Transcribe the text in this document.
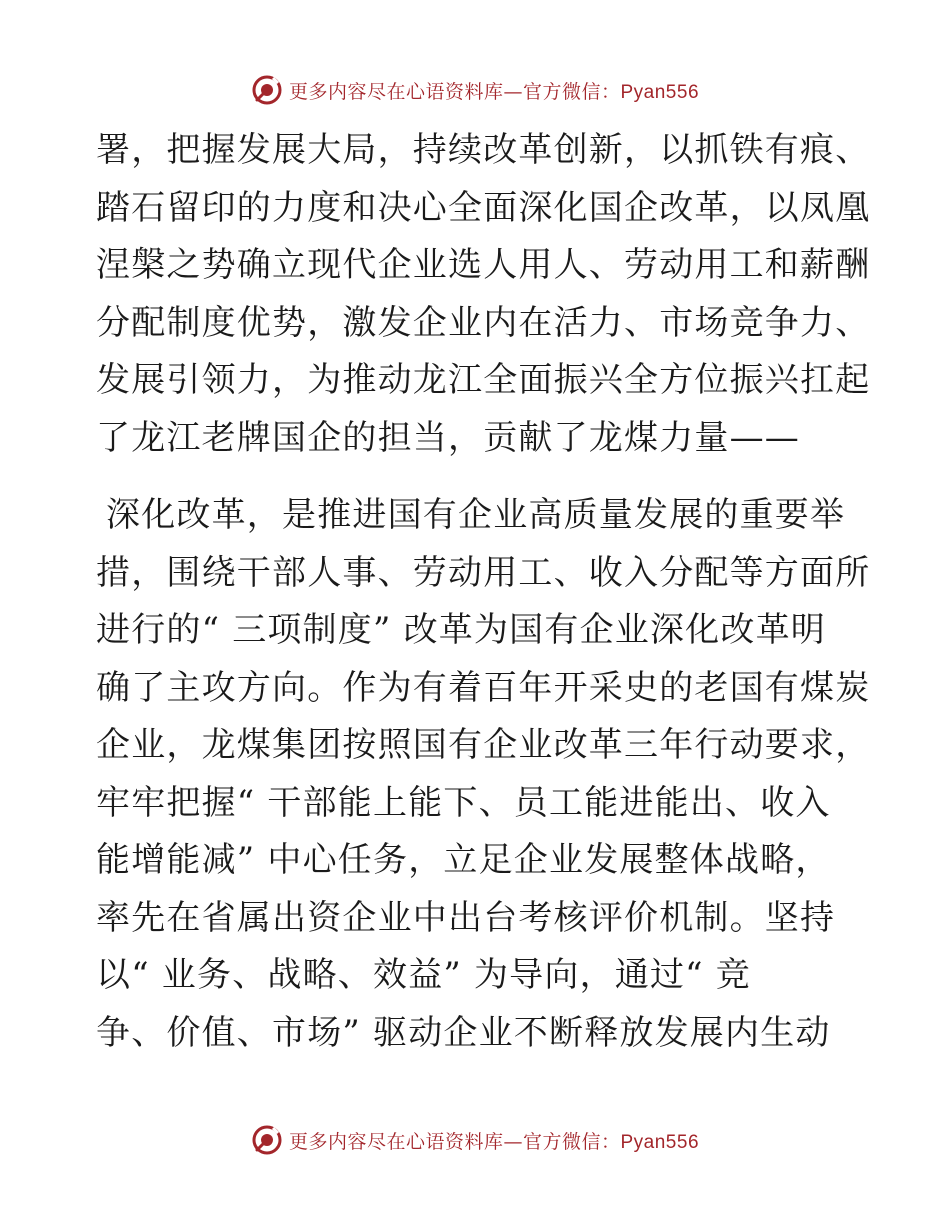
更多内容尽在心语资料库—官方微信：Pyan556
署，把握发展大局，持续改革创新，以抓铁有痕、
踏石留印的力度和决心全面深化国企改革，以凤凰
涅槃之势确立现代企业选人用人、劳动用工和薪酬
分配制度优势，激发企业内在活力、市场竞争力、
发展引领力，为推动龙江全面振兴全方位振兴扛起
了龙江老牌国企的担当，贡献了龙煤力量——
深化改革，是推进国有企业高质量发展的重要举
措，围绕干部人事、劳动用工、收入分配等方面所
进行的“ 三项制度” 改革为国有企业深化改革明
确了主攻方向。作为有着百年开采史的老国有煤炭
企业，龙煤集团按照国有企业改革三年行动要求，
牢牢把握“ 干部能上能下、员工能进能出、收入
能增能减” 中心任务，立足企业发展整体战略，
率先在省属出资企业中出台考核评价机制。坚持
以“ 业务、战略、效益” 为导向，通过“ 竞
争、价值、市场” 驱动企业不断释放发展内生动
更多内容尽在心语资料库—官方微信：Pyan556
